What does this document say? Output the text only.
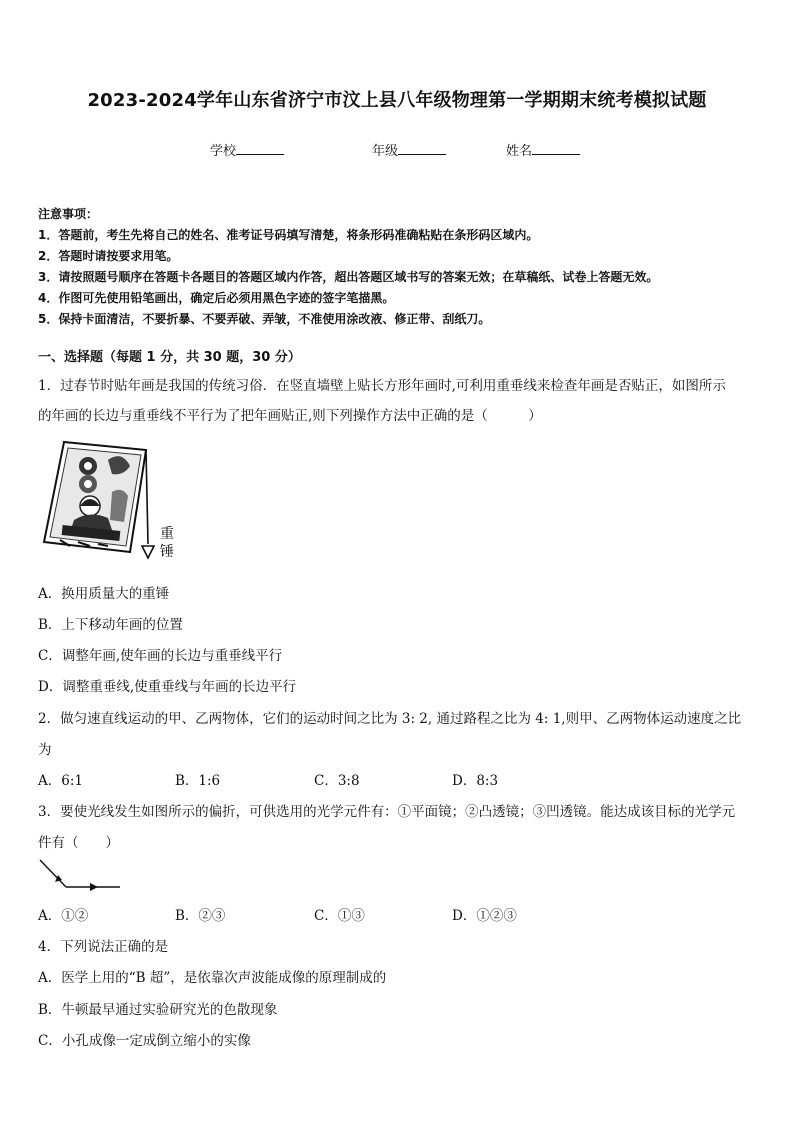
2023-2024学年山东省济宁市汶上县八年级物理第一学期期末统考模拟试题
学校	年级	姓名
注意事项：
1．答题前，考生先将自己的姓名、准考证号码填写清楚，将条形码准确粘贴在条形码区域内。
2．答题时请按要求用笔。
3．请按照题号顺序在答题卡各题目的答题区域内作答，超出答题区域书写的答案无效；在草稿纸、试卷上答题无效。
4．作图可先使用铅笔画出，确定后必须用黑色字迹的签字笔描黑。
5．保持卡面清洁，不要折暴、不要弄破、弄皱，不准使用涂改液、修正带、刮纸刀。
一、选择题（每题 1 分，共 30 题，30 分）
1．过春节时贴年画是我国的传统习俗．在竖直墙壁上贴长方形年画时,可利用重垂线来检查年画是否贴正，如图所示
的年画的长边与重垂线不平行为了把年画贴正,则下列操作方法中正确的是（　　　）
重
锤
A．换用质量大的重锤
B．上下移动年画的位置
C．调整年画,使年画的长边与重垂线平行
D．调整重垂线,使重垂线与年画的长边平行
2．做匀速直线运动的甲、乙两物体，它们的运动时间之比为 3: 2, 通过路程之比为 4: 1,则甲、乙两物体运动速度之比
为
A．6:1	B．1:6	C．3:8	D．8:3
3．要使光线发生如图所示的偏折，可供选用的光学元件有：①平面镜；②凸透镜；③凹透镜。能达成该目标的光学元
件有（　　）
A．①②	B．②③	C．①③	D．①②③
4．下列说法正确的是
A．医学上用的“B 超”，是依靠次声波能成像的原理制成的
B．牛顿最早通过实验研究光的色散现象
C．小孔成像一定成倒立缩小的实像
